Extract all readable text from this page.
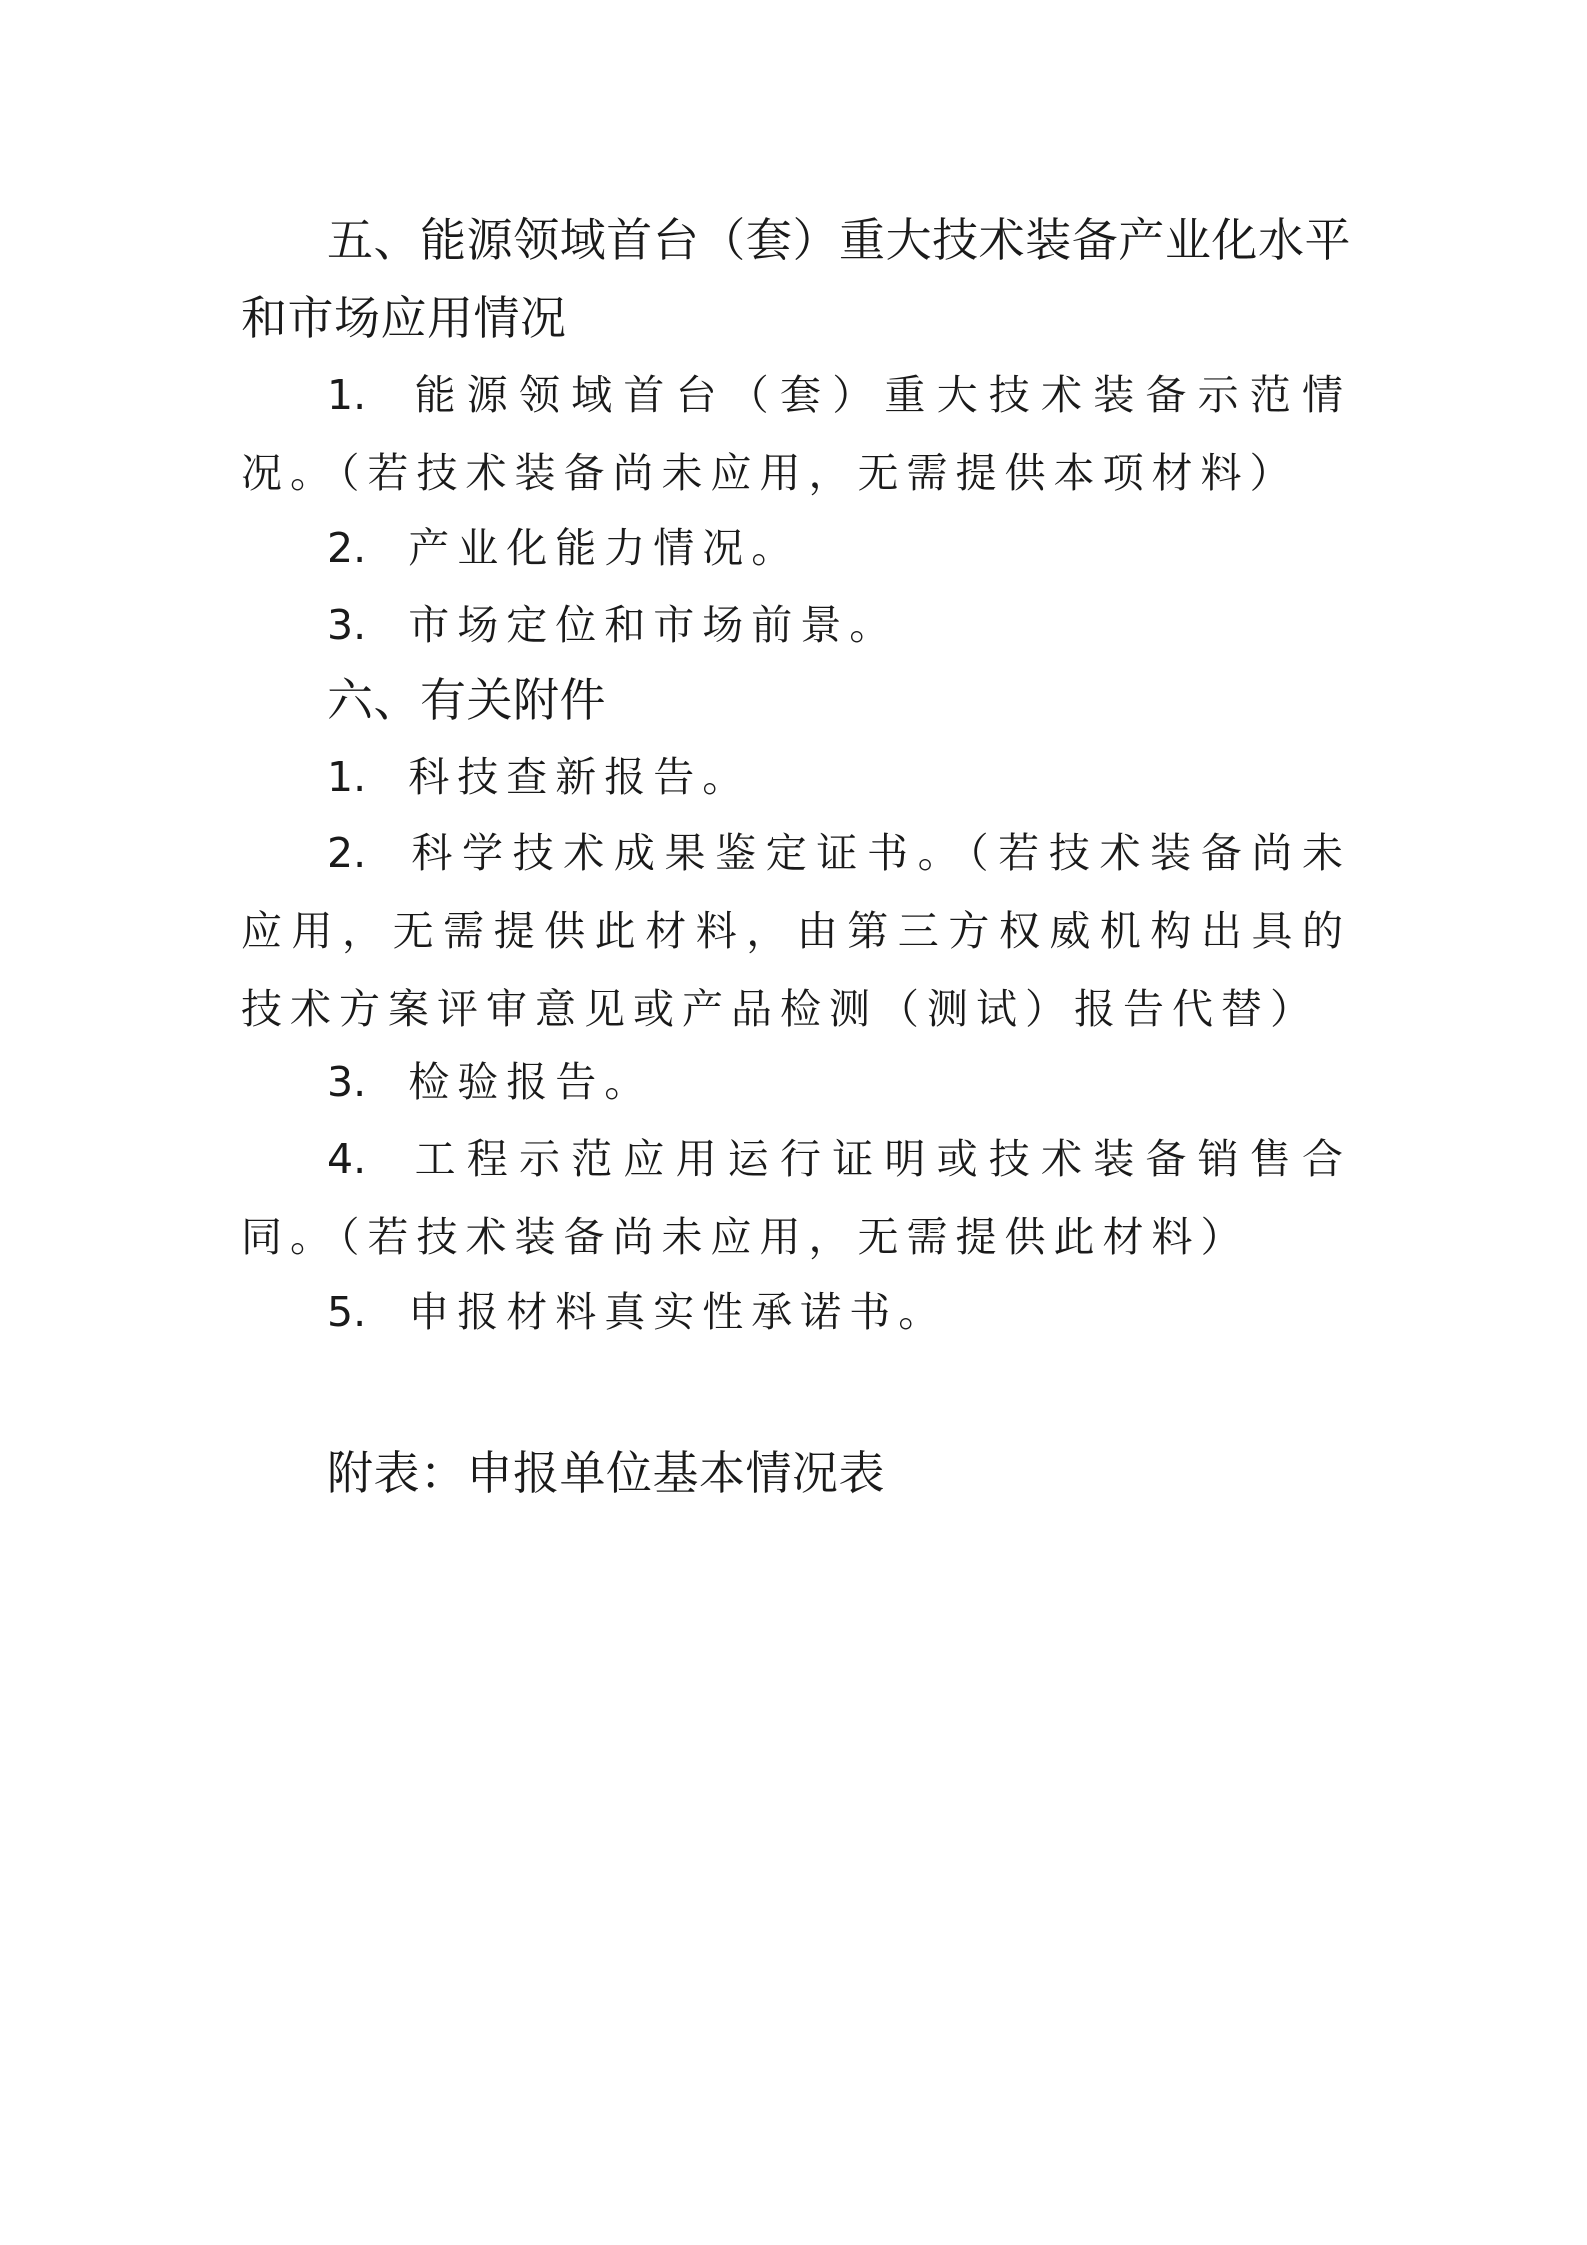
五、能源领域首台（套）重大技术装备产业化水平和市场应用情况

1. 能源领域首台（套）重大技术装备示范情况。（若技术装备尚未应用，无需提供本项材料）

2. 产业化能力情况。

3. 市场定位和市场前景。

六、有关附件

1. 科技查新报告。

2. 科学技术成果鉴定证书。（若技术装备尚未应用，无需提供此材料，由第三方权威机构出具的技术方案评审意见或产品检测（测试）报告代替）

3. 检验报告。

4. 工程示范应用运行证明或技术装备销售合同。（若技术装备尚未应用，无需提供此材料）

5. 申报材料真实性承诺书。

附表：申报单位基本情况表
